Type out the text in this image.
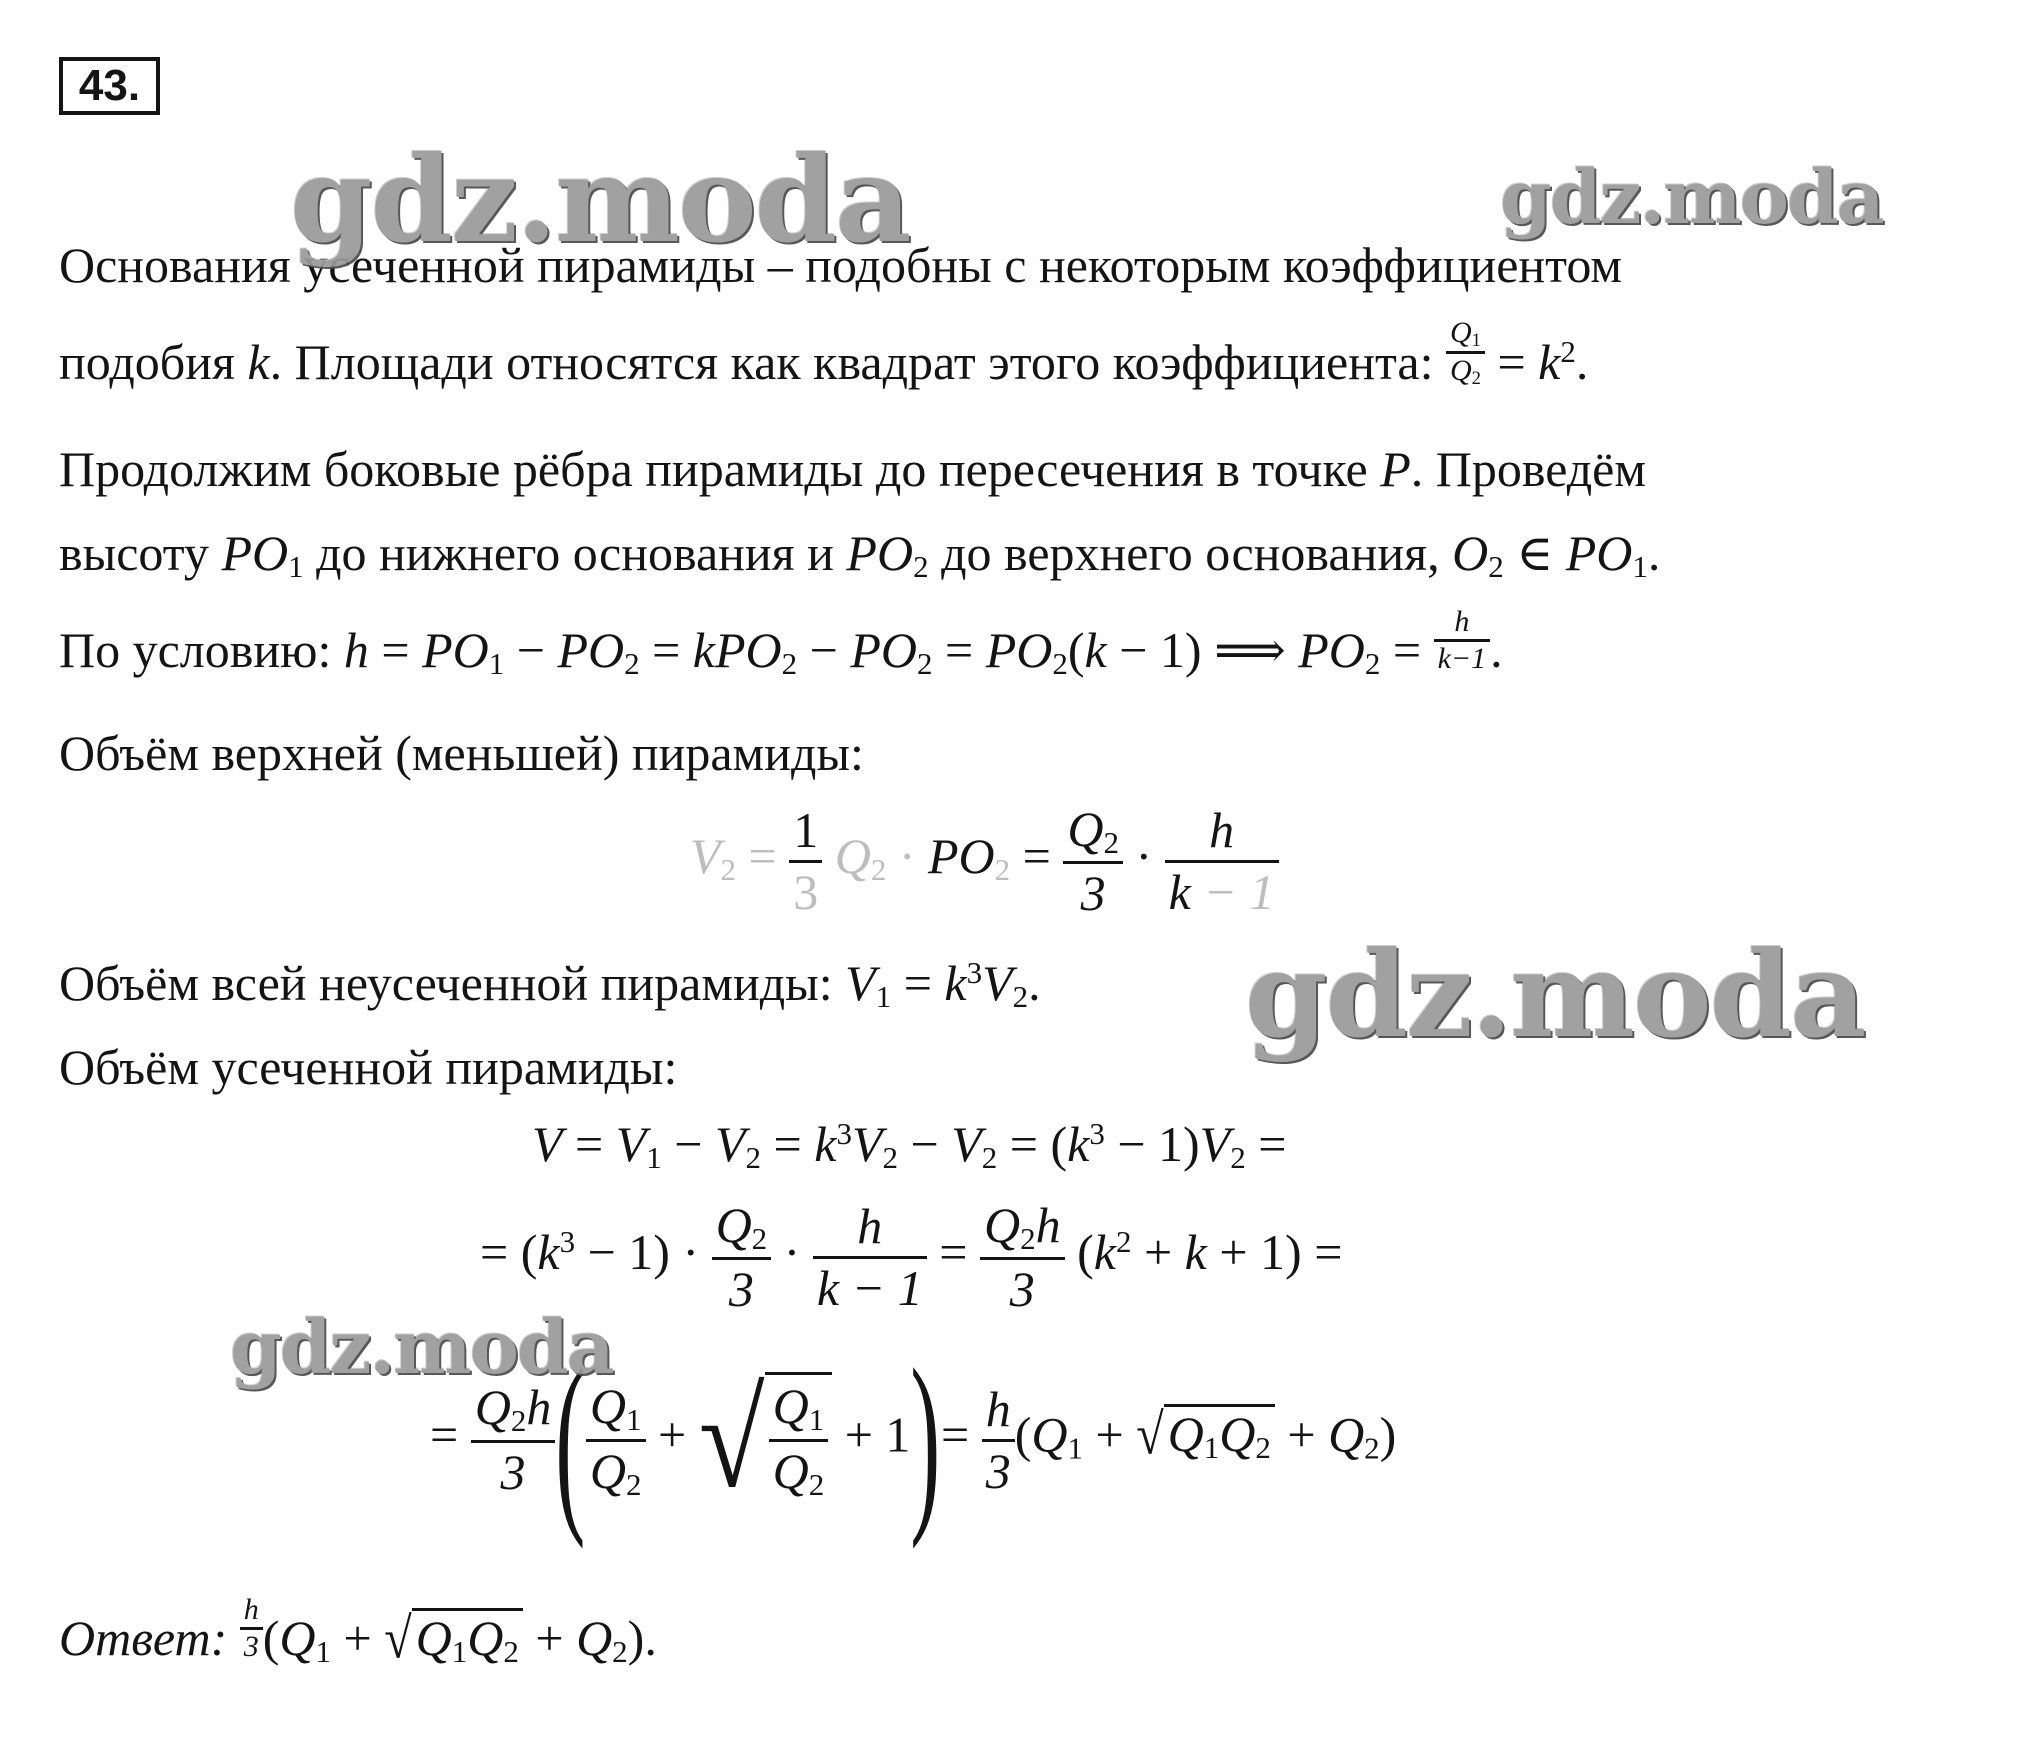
43.
Основания усеченной пирамиды – подобны с некоторым коэффициентом
подобия k. Площади относятся как квадрат этого коэффициента: $\frac{Q_1}{Q_2} = k^2$.
Продолжим боковые рёбра пирамиды до пересечения в точке P. Проведём
высоту $PO_1$ до нижнего основания и $PO_2$ до верхнего основания, $O_2$ ∈ $PO_1$.
По условию: $h = PO_1 - PO_2 = kPO_2 - PO_2 = PO_2(k - 1)$ ⟹ $PO_2 = \frac{h}{k-1}$ .
Объём верхней (меньшей) пирамиды:
$V_2 = \frac{1}{3} Q_2 \cdot PO_2 = \frac{Q_2}{3} \cdot \frac{h}{k - 1}$
Объём всей неусеченной пирамиды: $V_1 = k^3V_2$.
Объём усеченной пирамиды:
$V = V_1 - V_2 = k^3V_2 - V_2 = (k^3 - 1)V_2$ =
= $(k^3 - 1) \cdot \frac{Q_2}{3} \cdot \frac{h}{k - 1} = \frac{Q_2h}{3} (k^2 + k + 1)$ =
= $\frac{Q_2h}{3}$ ( $\frac{Q_1}{Q_2}$ + √ $\frac{Q_1}{Q_2} + 1)= \frac{h}{3} (Q_1 + √Q_1Q_2 + Q_2)$
Ответ: $\frac{h}{3} (Q_1 + √Q_1Q_2 + Q_2)$.
gdz.moda	gdz.moda
gdz.moda
gdz.moda
